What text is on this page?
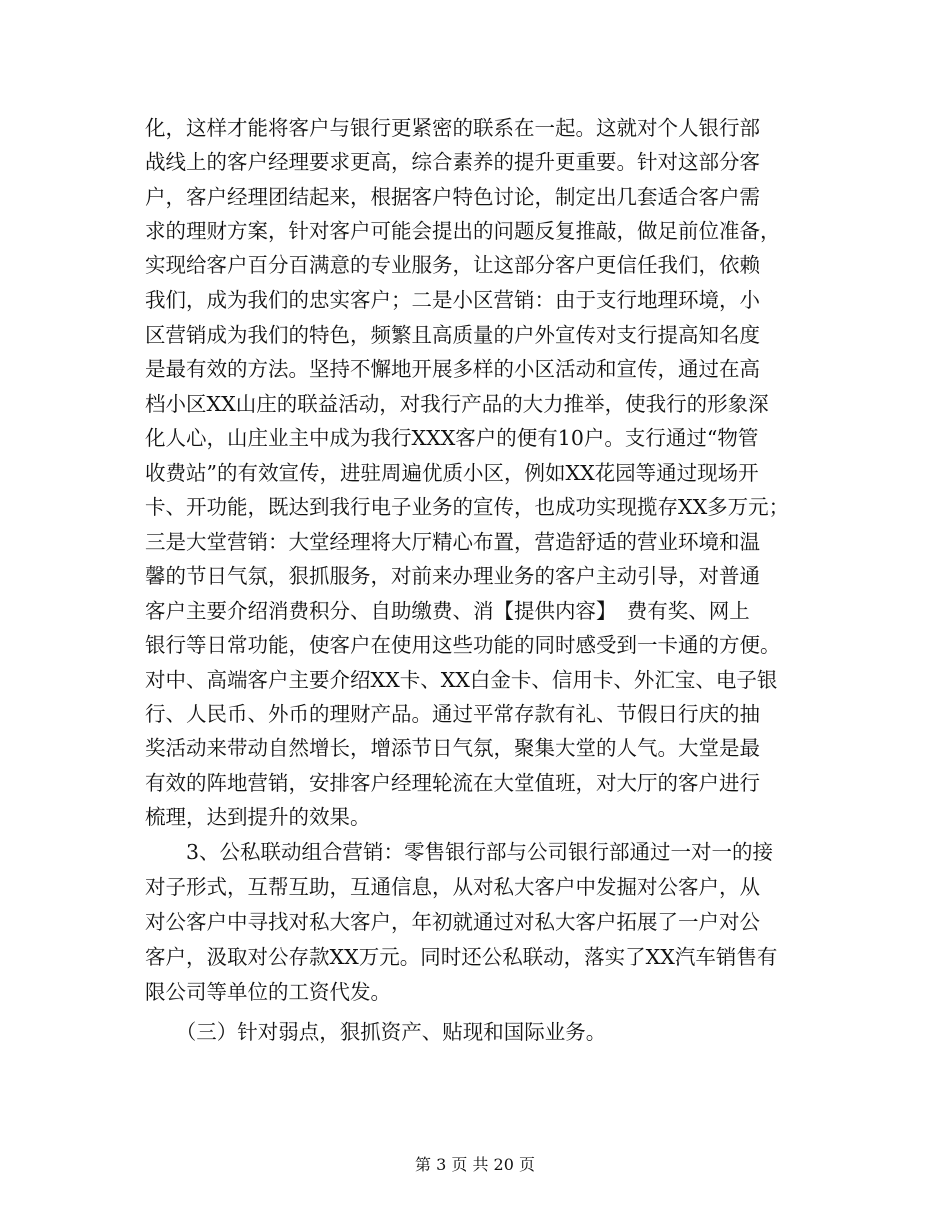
化，这样才能将客户与银行更紧密的联系在一起。这就对个人银行部
战线上的客户经理要求更高，综合素养的提升更重要。针对这部分客
户，客户经理团结起来，根据客户特色讨论，制定出几套适合客户需
求的理财方案，针对客户可能会提出的问题反复推敲，做足前位准备，
实现给客户百分百满意的专业服务，让这部分客户更信任我们，依赖
我们，成为我们的忠实客户；二是小区营销：由于支行地理环境，小
区营销成为我们的特色，频繁且高质量的户外宣传对支行提高知名度
是最有效的方法。坚持不懈地开展多样的小区活动和宣传，通过在高
档小区XX山庄的联益活动，对我行产品的大力推举，使我行的形象深
化人心，山庄业主中成为我行XXX客户的便有10户。支行通过“物管
收费站”的有效宣传，进驻周遍优质小区，例如XX花园等通过现场开
卡、开功能，既达到我行电子业务的宣传，也成功实现揽存XX多万元；
三是大堂营销：大堂经理将大厅精心布置，营造舒适的营业环境和温
馨的节日气氛，狠抓服务，对前来办理业务的客户主动引导，对普通
客户主要介绍消费积分、自助缴费、消【提供内容】　费有奖、网上
银行等日常功能，使客户在使用这些功能的同时感受到一卡通的方便。
对中、高端客户主要介绍XX卡、XX白金卡、信用卡、外汇宝、电子银
行、人民币、外币的理财产品。通过平常存款有礼、节假日行庆的抽
奖活动来带动自然增长，增添节日气氛，聚集大堂的人气。大堂是最
有效的阵地营销，安排客户经理轮流在大堂值班，对大厅的客户进行
梳理，达到提升的效果。
　　3、公私联动组合营销：零售银行部与公司银行部通过一对一的接
对子形式，互帮互助，互通信息，从对私大客户中发掘对公客户，从
对公客户中寻找对私大客户，年初就通过对私大客户拓展了一户对公
客户，汲取对公存款XX万元。同时还公私联动，落实了XX汽车销售有
限公司等单位的工资代发。
　　（三）针对弱点，狠抓资产、贴现和国际业务。
第 3 页 共 20 页
